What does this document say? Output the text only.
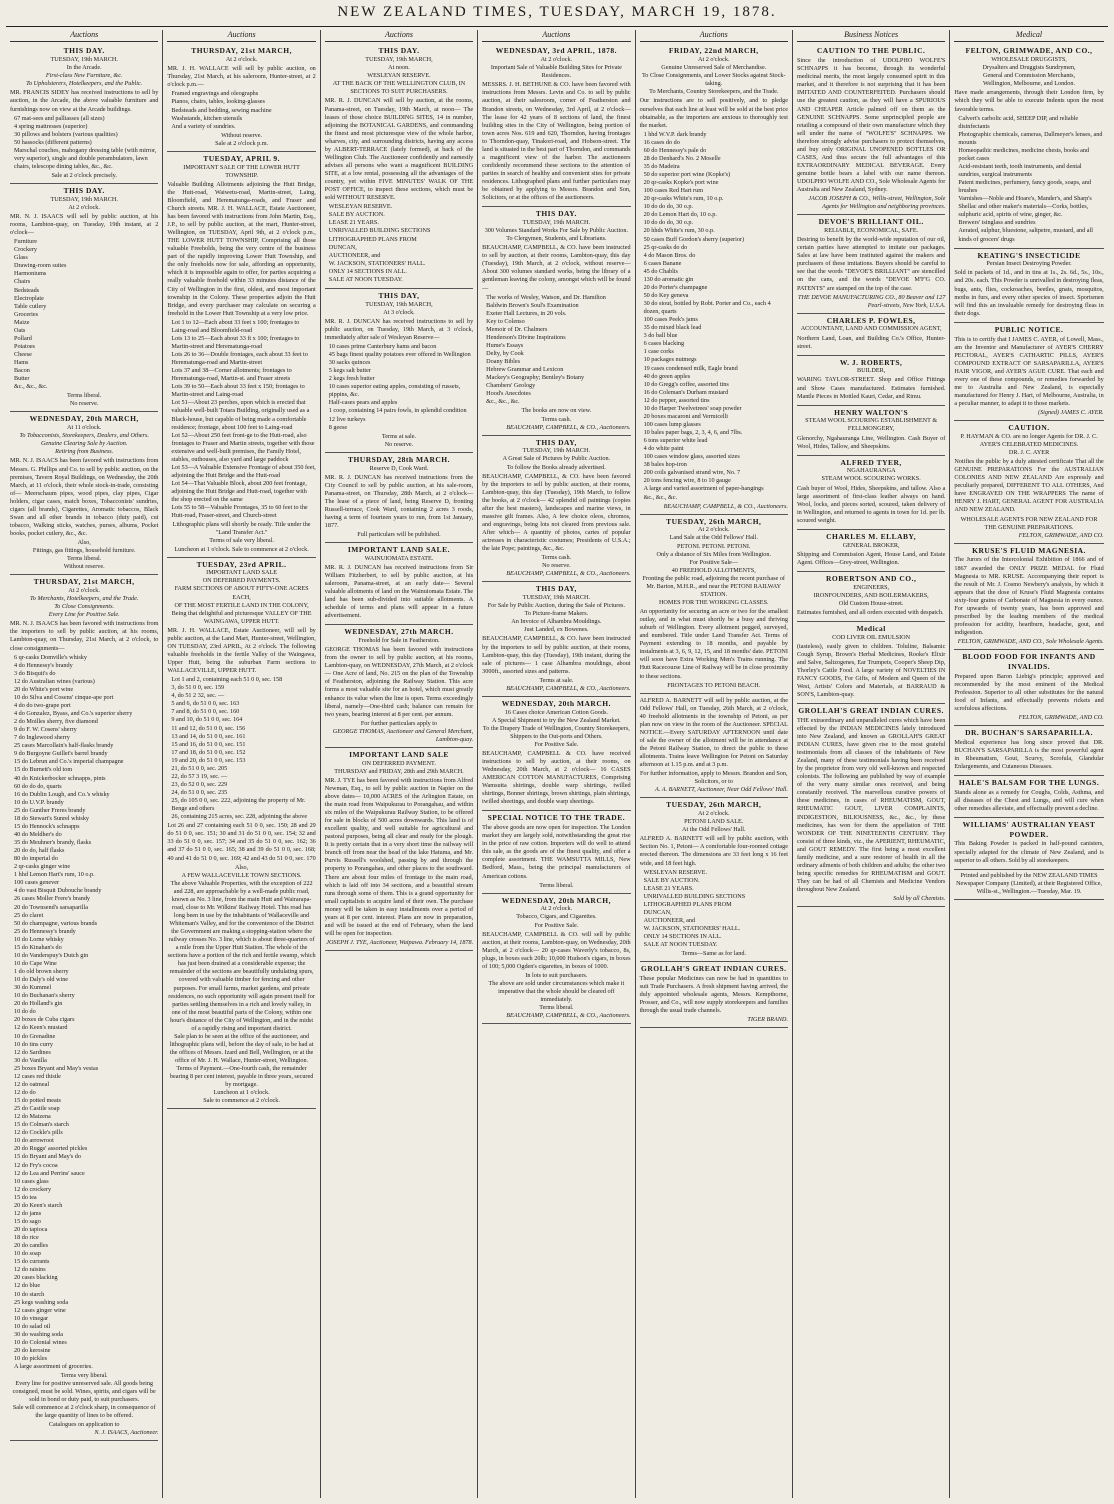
NEW ZEALAND TIMES, TUESDAY, MARCH 19, 1878.
Auctions
THIS DAY.
TUESDAY, 19th MARCH.
In the Arcade.
First-class New Furniture, &c.
To Upholsterers, Hotelkeepers, and the Public.

MR. FRANCIS SIDEY has received instructions to sell by auction, in the Arcade, the above valuable furniture and furnishings now on view at the Arcade buildings.

67 mat-sees and palliasses (all sizes)
4 spring mattresses (superior)
30 pillows and bolsters (various qualities)
50 hassocks (different patterns)
Marschal couches, mahogany dressing table (with mirror, very superior), single and double perambulators, lawn chairs, telescope dining tables, &c., &c.
Sale at 2 o'clock precisely.
THIS DAY.
TUESDAY, 19th MARCH.
At 2 o'clock.

MR. N. J. ISAACS will sell by public auction, at his rooms, Lambton-quay, on Tuesday, 19th instant, at 2 o'clock—

Furniture
Crockery
Glass
Drawing-room suites
Harmoniums
Chairs
Bedsteads
Electroplate
Table cutlery
Groceries
Maize
Oats
Pollard
Potatoes
Cheese
Hams
Bacon
Butter
&c., &c., &c.
Terms liberal.
No reserve.
WEDNESDAY, 20th MARCH,
At 11 o'clock.
To Tobacconists, Storekeepers, Dealers, and Others.
Genuine Clearing Sale by Auction.
Retiring from Business.

MR. N. J. ISAACS has been favored with instructions from Messrs. G. Phillips and Co. to sell by public auction, on the premises, Tavern Royal Buildings, on Wednesday, the 20th March, at 11 o'clock, their whole stock-in-trade, consisting of— Meerschaum pipes, wood pipes, clay pipes, Cigar holders, cigar cases, match boxes, Tobacconists' sundries, cigars (all brands), Cigarettes, Aromatic tobaccos, Black Swan and all other brands in tobacco (duty paid), cut tobacco, Walking sticks, watches, purses, albums, Pocket books, pocket cutlery, &c., &c.

Also,
Fittings, gas fittings, household furniture.
Terms liberal.
Without reserve.
THURSDAY, 21st MARCH,
At 2 o'clock.
To Merchants, Hotelkeepers, and the Trade.
To Close Consignments.
Every Line for Positive Sale.

MR. N. J. ISAACS has been favored with instructions from the importers to sell by public auction, at his rooms, Lambton-quay, on Thursday, 21st March, at 2 o'clock, to close consignments—

6 qr-casks Domville's whisky
4 do Hennessy's brandy
3 do Bisquit's do
12 do Australian wines (various)
20 do White's port wine
10 do Silva and Cosens' cinque-ape port
4 do do two-grape port
4 do Gonzalez, Byass, and Co.'s superior sherry
2 do Moilles sherry, five diamond
9 do F. W. Cosens' sherry
7 do Inglewood sherry
25 cases Marcollain's half-flasks brandy
9 do Burgoyne Guillet's barrel brandy
15 do Lebrun and Co.'s imperial champagne
15 do Burnett's old tom
40 do Knickerbocker schnapps, pints
60 do do do, quarts
16 do Dublin Lough, and Co.'s whisky
10 do U.V.P. brandy
25 do Gunther Freres brandy
18 do Stewart's Sunrel whisky
15 do Hennock's schnapps
40 do Meldher's do
35 do Meuhner's brandy, flasks
20 do do, half flasks
80 do imperial do
2 qr-casks ginger wine
1 hhd Lemon Hart's rum, 10 o.p.
100 cases genever
4 do vast Bisquit Dubouche brandy
26 cases Moller Frere's brandy
20 do Townsend's sarsaparilla
25 do claret
50 do champagne, various brands
25 do Hennessy's brandy
10 do Lorne whisky
15 do Kinahan's do
10 do Vanderspuy's Dutch gin
10 do Cape Wine
1 do old brown sherry
10 do Daly's old wine
30 do Kummel
10 do Buchanan's sherry
20 do Holland's gin
10 do do
20 boxes de Cuba cigars
12 do Keen's mustard
10 do Grenadine
10 do tins curry
12 do Sardines
30 do Vanilla
25 boxes Bryant and May's vestas
12 cases red thistle
12 do oatmeal
12 do do
15 do potted meats
25 do Castile soap
12 do Maizena
15 do Colman's starch
12 do Cockle's pills
10 do arrowroot
20 do Ruggs' assorted pickles
15 do Bryant and May's do
12 do Fry's cocoa
12 do Lea and Perrins' sauce
10 cases glass
12 do crockery
15 do tea
20 do Keen's starch
12 do jams
15 do sago
20 do tapioca
18 do rice
20 do candles
10 do soap
15 do currants
12 do raisins
20 cases blacking
12 do blue
10 do starch
25 kegs washing soda
12 cases ginger wine
10 do vinegar
10 do salad oil
30 do washing soda
10 do Colonial wines
20 do kerosine
10 do pickles
A large assortment of groceries.
Terms very liberal.
Every line for positive unreserved sale. All goods being consigned, must be sold. Wines, spirits, and cigars will be sold in bond or duty paid, to suit purchasers.
Sale will commence at 2 o'clock sharp, in consequence of the large quantity of lines to be offered.
Catalogues on application to
N. J. ISAACS, Auctioneer.
Auctions
THURSDAY, 21st MARCH,
At 2 o'clock.

MR. J. H. WALLACE will sell by public auction, on Thursday, 21st March, at his saleroom, Hunter-street, at 2 o'clock p.m.—

Framed engravings and oleographs
Pianos, chairs, tables, looking-glasses
Bedsteads and bedding, sewing machine
Washstands, kitchen utensils
And a variety of sundries.
Without reserve.
Sale at 2 o'clock p.m.
TUESDAY, APRIL 9.
IMPORTANT SALE OF THE LOWER HUTT TOWNSHIP.

Valuable Building Allotments adjoining the Hutt Bridge, the Hutt-road, Waiwetu-road, Martin-street, Laing, Bloomfield, and Herematunga-roads, and Fraser and Church streets. MR. J. H. WALLACE, Estate Auctioneer, has been favored with instructions from John Martin, Esq., J.P., to sell by public auction, at the mart, Hunter-street, Wellington, on TUESDAY, April 9th, at 2 o'clock p.m., THE LOWER HUTT TOWNSHIP, Comprising all those valuable Freeholds, being the very centre of the business part of the rapidly improving Lower Hutt Township, and the only freeholds now for sale, affording an opportunity, which it is impossible again to offer, for parties acquiring a really valuable freehold within 33 minutes distance of the City of Wellington in the first, oldest, and most important township in the Colony. These properties adjoin the Hutt Bridge, and every purchaser may calculate on securing a freehold in the Lower Hutt Township at a very low price.

Lot 1 to 12—Each about 33 feet x 100; frontages to Laing-road and Bloomfield-road
Lots 13 to 25—Each about 33 ft x 100; frontages to Martin-street and Herematunga-road
Lots 26 to 36—Double frontages, each about 33 feet to Herematunga-road and Martin-street
Lots 37 and 38—Corner allotments; frontages to Herematunga-road, Martin-st. and Fraser streets
Lots 39 to 50—Each about 33 feet x 150; frontages to Martin-street and Laing-road
Lot 51—About 23 perches, upon which is erected that valuable well-built Totara Building, originally used as a Black-house, but capable of being made a comfortable residence; frontage, about 100 feet to Laing-road
Lot 52—About 250 feet front-ge to the Hutt-road, also frontages to Fraser and Martin streets, together with those extensive and well-built premises, the Family Hotel, stables, outhouses, also yard and large paddock
Lot 53—A Valuable Extensive Frontage of about 350 feet, adjoining the Hutt Bridge and the Hutt-road
Lot 54—That Valuable Block, about 200 feet frontage, adjoining the Hutt Bridge and Hutt-road, together with the shop erected on the same
Lots 55 to 58—Valuable Frontages, 35 to 60 feet to the Hutt-road, Fraser-street, and Church-street
Lithographic plans will shortly be ready. Title under the "Land Transfer Act."
Terms of sale very liberal.
Luncheon at 1 o'clock. Sale to commence at 2 o'clock.
TUESDAY, 23rd APRIL.
IMPORTANT LAND SALE
ON DEFERRED PAYMENTS.
FARM SECTIONS OF ABOUT FIFTY-ONE ACRES EACH,
OF THE MOST FERTILE LAND IN THE COLONY,
Being that delightful and picturesque VALLEY OF THE WAINGAWA, UPPER HUTT.

MR. J. H. WALLACE, Estate Auctioneer, will sell by public auction, at the Land Mart, Hunter-street, Wellington, ON TUESDAY, 23rd APRIL, At 2 o'clock. The following valuable freeholds in the fertile Valley of the Waingawa, Upper Hutt, being the suburban Farm sections to WALLACEVILLE, UPPER HUTT.

Lot 1 and 2, containing each 51 0 0, sec. 158
3, do 51 0 0, sec. 159
4, do 51 2 32, sec. —
5 and 6, do 51 0 0, sec. 163
7 and 8, do 51 0 0, sec. 160
9 and 10, do 51 0 0, sec. 164
11 and 12, do 51 0 0, sec. 156
13 and 14, do 51 0 0, sec. 161
15 and 16, do 51 0 0, sec. 151
17 and 18, do 51 0 0, sec. 152
19 and 20, do 51 0 0, sec. 153
21, do 51 0 0, sec. 205
22, do 57 3 19, sec. —
23, do 52 0 0, sec. 229
24, do 51 0 0, sec. 235
25, do 105 0 0, sec. 222, adjoining the property of Mr. Benge and others
26, containing 215 acres, sec. 228, adjoining the above

Lot 26 and 27 containing each 51 0 0, sec. 150; 28 and 29 do 51 0 0, sec. 151; 30 and 31 do 51 0 0, sec. 154; 32 and 33 do 51 0 0, sec. 157; 34 and 35 do 51 0 0, sec. 162; 36 and 37 do 51 0 0, sec. 165; 38 and 39 do 51 0 0, sec. 168; 40 and 41 do 51 0 0, sec. 169; 42 and 43 do 51 0 0, sec. 170

Also,
A FEW WALLACEVILLE TOWN SECTIONS.
The above Valuable Properties, with the exception of 222 and 228, are approachable by a well-made public road, known as No. 3 line, from the main Hutt and Wairarapa-road, close to Mr. Wilkins' Railway Hotel. This road has long been in use by the inhabitants of Wallaceville and Whiteman's Valley, and for the convenience of the District the Government are making a stopping-station where the railway crosses No. 3 line, which is about three-quarters of a mile from the Upper Hutt Station. The whole of the sections have a portion of the rich and fertile swamp, which has just been drained at a considerable expense; the remainder of the sections are beautifully undulating spurs, covered with valuable timber for fencing and other purposes. For small farms, market gardens, and private residences, no such opportunity will again present itself for parties settling themselves in a rich and lovely valley, in one of the most beautiful parts of the Colony, within one hour's distance of the City of Wellington, and in the midst of a rapidly rising and important district.
Sale plan to be seen at the office of the auctioneer, and lithographic plans will, before the day of sale, to be had at the offices of Messrs. Izard and Bell, Wellington, or at the office of Mr. J. H. Wallace, Hunter-street, Wellington.
Terms of Payment.—One-fourth cash, the remainder bearing 8 per cent interest, payable in three years, secured by mortgage.
Luncheon at 1 o'clock.
Sale to commence at 2 o'clock.
Auctions
THIS DAY.
TUESDAY, 19th MARCH,
At noon.
WESLEYAN RESERVE.
AT THE BACK OF THE WELLINGTON CLUB, IN SECTIONS TO SUIT PURCHASERS.

MR. R. J. DUNCAN will sell by auction, at the rooms, Panama-street, on Tuesday, 19th March, at noon— The leases of those choice BUILDING SITES, 14 in number, adjoining the BOTANICAL GARDENS, and commanding the finest and most picturesque view of the whole harbor, wharves, city, and surrounding districts, having any access by ALBERT-TERRACE (lately formed), at back of the Wellington Club. The Auctioneer confidently and earnestly advises all persons who want a magnificent BUILDING SITE, at a low rental, possessing all the advantages of the country, yet within FIVE MINUTES' WALK OF THE POST OFFICE, to inspect these sections, which must be sold WITHOUT RESERVE.

WESLEYAN RESERVE.
SALE BY AUCTION.
LEASE 21 YEARS.
UNRIVALLED BUILDING SECTIONS
LITHOGRAPHED PLANS FROM
DUNCAN,
AUCTIONEER, and
W. JACKSON, STATIONERS' HALL.
ONLY 14 SECTIONS IN ALL.
SALE AT NOON TUESDAY.
THIS DAY,
TUESDAY, 19th MARCH,
At 3 o'clock.

MR. R. J. DUNCAN has received instructions to sell by public auction, on Tuesday, 19th March, at 3 o'clock, immediately after sale of Wesleyan Reserve—

10 cases prime Canterbury hams and bacon
45 bags finest quality potatoes ever offered in Wellington
30 sacks quinces
5 kegs salt butter
2 kegs fresh butter
10 cases superior eating apples, consisting of russets, pippins, &c.
Half-cases pears and apples
1 coop, containing 14 pairs fowls, in splendid condition
12 live turkeys
8 geese
Terms at sale.
No reserve.
THURSDAY, 28th MARCH.
Reserve D, Cook Ward.

MR. R. J. DUNCAN has received instructions from the City Council to sell by public auction, at his sale-room, Panama-street, on Thursday, 28th March, at 2 o'clock— The lease of a piece of land, being Reserve D, fronting Russell-terrace, Cook Ward, containing 2 acres 3 roods, having a term of fourteen years to run, from 1st January, 1877.

Full particulars will be published.
IMPORTANT LAND SALE.
WAINUIOMATA ESTATE.

MR. R. J. DUNCAN has received instructions from Sir William Fitzherbert, to sell by public auction, at his saleroom, Panama-street, at an early date— Several valuable allotments of land on the Wainuiomata Estate. The land has been sub-divided into suitable allotments. A schedule of terms and plans will appear in a future advertisement.

WEDNESDAY, 27th MARCH.
Freehold for Sale in Featherston.

GEORGE THOMAS has been favored with instructions from the owner to sell by public auction, at his rooms, Lambton-quay, on WEDNESDAY, 27th March, at 2 o'clock— One Acre of land, No. 215 on the plan of the Township of Featherston, adjoining the Railway Station. This acre forms a most valuable site for an hotel, which must greatly enhance its value when the line is open. Terms exceedingly liberal, namely—One-third cash; balance can remain for two years, bearing interest at 8 per cent. per annum.

For further particulars apply to
GEORGE THOMAS, Auctioneer and General Merchant, Lambton-quay.
IMPORTANT LAND SALE
ON DEFERRED PAYMENT.
THURSDAY and FRIDAY, 28th and 29th MARCH.

MR. J. TYE has been favored with instructions from Alfred Newman, Esq., to sell by public auction in Napier on the above dates— 10,000 ACRES of the Arlington Estate, on the main road from Waipukurau to Porangahau, and within six miles of the Waipukurau Railway Station, to be offered for sale in blocks of 500 acres downwards. This land is of excellent quality, and well suitable for agricultural and pastoral purposes, being all clear and ready for the plough. It is pretty certain that in a very short time the railway will branch off from near the head of the lake Hatuma, and Mr. Purvis Russell's woolshed, passing by and through the property to Porangahau, and other places to the southward. There are about four miles of frontage to the main road, which is laid off into 34 sections, and a beautiful stream runs through some of them. This is a grand opportunity for small capitalists to acquire land of their own. The purchase money will be taken in easy installments over a period of years at 8 per cent. interest. Plans are now in preparation, and will be issued at the end of February, when the land will be open for inspection.

JOSEPH J. TYE, Auctioneer, Waipawa. February 14, 1878.
Auctions
WEDNESDAY, 3rd APRIL, 1878.
At 2 o'clock.
Important Sale of Valuable Building Sites for Private Residences.

MESSRS. J. H. BETHUNE & CO. have been favored with instructions from Messrs. Levin and Co. to sell by public auction, at their salesroom, corner of Featherston and Brandon streets, on Wednesday, 3rd April, at 2 o'clock— The lease for 42 years of 8 sections of land, the finest building sites in the City of Wellington, being portion of town acres Nos. 619 and 620, Thorndon, having frontages to Thorndon-quay, Tinakori-road, and Hobson-street. The land is situated in the best part of Thorndon, and commands a magnificent view of the harbor. The auctioneers confidently recommend these sections to the attention of parties in search of healthy and convenient sites for private residences. Lithographed plans and further particulars may be obtained by applying to Messrs. Brandon and Son, Solicitors, or at the offices of the auctioneers.

THIS DAY.
TUESDAY, 19th MARCH.
300 Volumes Standard Works For Sale by Public Auction.
To Clergymen, Students, and Librarians.

BEAUCHAMP, CAMPBELL, & CO. have been instructed to sell by auction, at their rooms, Lambton-quay, this day (Tuesday), 19th March, at 2 o'clock, without reserve— About 300 volumes standard works, being the library of a gentleman leaving the colony, amongst which will be found—

The works of Wesley, Watson, and Dr. Hamilton
Baldwin Brown's Soul's Examination
Exeter Hall Lectures, in 20 vols.
Key to Colenso
Memoir of Dr. Chalmers
Henderson's Divine Inspirations
Hume's Essays
Delty, by Cook
Doany Bibles
Hebrew Grammar and Lexicon
Mackey's Geography; Bentley's Botany
Chambers' Geology
Hood's Anecdotes
&c., &c., &c.
The books are now on view.
Terms cash.
BEAUCHAMP, CAMPBELL, & CO., Auctioneers.
THIS DAY,
TUESDAY, 19th MARCH.
A Great Sale of Pictures by Public Auction.
To follow the Books already advertised.

BEAUCHAMP, CAMPBELL, & CO. have been favored by the importers to sell by public auction, at their rooms, Lambton-quay, this day (Tuesday), 19th March, to follow the books, at 2 o'clock— 42 splendid oil paintings (copies after the best masters), landscapes and marine views, in massive gilt frames. Also, A few choice oleos, chromos, and engravings, being lots not cleared from previous sale. After which— A quantity of photos, cartes of popular actresses in characteristic costumes; Presidents of U.S.A.; the late Pope; paintings, &c., &c.

Terms cash.
No reserve.
BEAUCHAMP, CAMPBELL, & CO., Auctioneers.
THIS DAY,
TUESDAY, 19th MARCH.
For Sale by Public Auction, during the Sale of Pictures.
To Picture-frame Makers.
An Invoice of Alhambra Mouldings.
Just Landed, ex Bowenes.

BEAUCHAMP, CAMPBELL, & CO. have been instructed by the importers to sell by public auction, at their rooms, Lambton-quay, this day (Tuesday), 19th instant, during the sale of pictures— 1 case Alhambra mouldings, about 3000ft., assorted sizes and patterns.

Terms at sale.
BEAUCHAMP, CAMPBELL, & CO., Auctioneers.
WEDNESDAY, 20th MARCH.
16 Cases choice American Cotton Goods.
A Special Shipment to try the New Zealand Market.
To the Drapery Trade of Wellington, Country Storekeepers, Shippers to the Out-ports and Others.
For Positive Sale.

BEAUCHAMP, CAMPBELL & CO. have received instructions to sell by auction, at their rooms, on Wednesday, 20th March, at 2 o'clock— 16 CASES AMERICAN COTTON MANUFACTURES, Comprising Wamsutta shirtings, double warp shirtings, twilled shirtings, Bonner shirtings, brown shirtings, plain shirtings, twilled sheetings, and double warp sheetings.

SPECIAL NOTICE TO THE TRADE.

The above goods are now open for inspection. The London market they are largely sold, notwithstanding the great rise in the price of raw cotton. Importers will do well to attend this sale, as the goods are of the finest quality, and offer a complete assortment. THE WAMSUTTA MILLS, New Bedford, Mass., being the principal manufacturers of American cottons.

Terms liberal.
WEDNESDAY, 20th MARCH,
At 2 o'clock.
Tobacco, Cigars, and Cigarettes.
For Positive Sale.

BEAUCHAMP, CAMPBELL & CO. will sell by public auction, at their rooms, Lambton-quay, on Wednesday, 20th March, at 2 o'clock— 20 qr-cases Waverly's tobacco, 8s, plugs, in boxes each 20lb; 10,000 Hudson's cigars, in boxes of 100; 5,000 Ogden's cigarettes, in boxes of 1000.

In lots to suit purchasers.
The above are sold under circumstances which make it imperative that the whole should be cleared off immediately.
Terms liberal.
BEAUCHAMP, CAMPBELL, & CO., Auctioneers.
Auctions
FRIDAY, 22nd MARCH,
At 2 o'clock.
Genuine Unreserved Sale of Merchandise.
To Close Consignments, and Lower Stocks against Stock-taking.
To Merchants, Country Storekeepers, and the Trade.

Our instructions are to sell positively, and to pledge ourselves that each line at least will be sold at the best price obtainable, as the importers are anxious to thoroughly test the market.

1 hhd W.V.P. dark brandy
16 cases do do
60 do Hennessy's pale do
28 do Denhard's No. 2 Moselle
35 do Madeira
50 do superior port wine (Kopke's)
20 qr-casks Kopke's port wine
100 cases Red Hart rum
20 qr-casks White's rum, 10 o.p.
10 do do do, 30 o.p.
20 do Lemon Hart do, 10 o.p.
10 do do do, 30 o.p.
20 hhds White's rum, 30 o.p.
50 cases Buff Gordon's sherry (superior)
25 qr-casks do do
4 do Mason Bros. do
6 cases Banane
45 do Chablis
130 do aromatic gin
20 do Porter's champagne
50 do Key geneva
30 do stout, bottled by Robt. Porter and Co., each 4 dozen, quarts
100 cases Peek's jams
35 do mixed black lead
3 do ball blue
6 cases blacking
1 case corks
10 packages nutmegs
19 cases condensed milk, Eagle brand
40 do green apples
10 do Gregg's coffee, assorted tins
16 do Coleman's Durham mustard
12 do pepper, assorted tins
10 do Harper Twelvetrees' soap powder
20 boxes macaroni and Vermicelli
100 cases lump glasses
10 bales paper bags, 2, 3, 4, 6, and 7lbs.
6 tons superior white lead
4 do white paint
100 cases window glass, assorted sizes
38 bales hop-iron
200 coils galvanised strand wire, No. 7
20 tons fencing wire, 8 to 10 gauge
A large and varied assortment of paper-hangings
&c., &c., &c.
BEAUCHAMP, CAMPBELL, & CO., Auctioneers.
TUESDAY, 26th MARCH,
At 2 o'clock.
Land Sale at the Odd Fellows' Hall.
PETONI. PETONI. PETONI.
Only a distance of Six Miles from Wellington.
For Positive Sale—
40 FREEHOLD ALLOTMENTS,
Fronting the public road, adjoining the recent purchase of Mr. Barton, M.H.R., and near the PETONI RAILWAY STATION.
HOMES FOR THE WORKING CLASSES.

An opportunity for securing an acre or two for the smallest outlay, and in what must shortly be a busy and thriving suburb of Wellington. Every allotment pegged, surveyed, and numbered. Title under Land Transfer Act. Terms of Payment extending to 18 months, and payable by instalments at 3, 6, 9, 12, 15, and 18 months' date. PETONI will soon have Extra Working Men's Trains running. The Hutt Racecourse Line of Railway will be in close proximity to these sections.

FRONTAGES TO PETONI BEACH.

ALFRED A. BARNETT will sell by public auction, at the Odd Fellows' Hall, on Tuesday, 26th March, at 2 o'clock, 40 freehold allotments in the township of Petoni, as per plan now on view in the room of the Auctioneer. SPECIAL NOTICE.—Every SATURDAY AFTERNOON until date of sale the owner of the allotment will be in attendance at the Petoni Railway Station, to direct the public to these allotments. Trains leave Wellington for Petoni on Saturday afternoon at 1.15 p.m. and at 3 p.m.

For further information, apply to Messrs. Brandon and Son, Solicitors, or to
A. A. BARNETT, Auctioneer, Near Odd Fellows' Hall.
TUESDAY, 26th MARCH,
At 2 o'clock.
PETONI LAND SALE.
At the Odd Fellows' Hall.

ALFRED A. BARNETT will sell by public auction, with Section No. 1, Petoni— A comfortable four-roomed cottage erected thereon. The dimensions are 33 feet long x 16 feet wide, and 18 feet high.

WESLEYAN RESERVE.
SALE BY AUCTION.
LEASE 21 YEARS.
UNRIVALLED BUILDING SECTIONS
LITHOGRAPHED PLANS FROM
DUNCAN,
AUCTIONEER, and
W. JACKSON, STATIONERS' HALL.
ONLY 14 SECTIONS IN ALL.
SALE AT NOON TUESDAY.
Terms—Same as for land.
GROLLAH'S GREAT INDIAN CURES.

These popular Medicines can now be had in quantities to suit Trade Purchasers. A fresh shipment having arrived, the duly appointed wholesale agents, Messrs. Kempthorne, Prosser, and Co., will now supply storekeepers and families through the usual trade channels.

TIGER BRAND.
Business Notices
CAUTION TO THE PUBLIC.

Since the introduction of UDOLPHO WOLFE'S SCHNAPPS it has become, through its wonderful medicinal merits, the most largely consumed spirit in this market, and it therefore is not surprising that it has been IMITATED AND COUNTERFEITED. Purchasers should use the greatest caution, as they will have a SPURIOUS AND CHEAPER Article palmed off on them as the GENUINE SCHNAPPS. Some unprincipled people are retailing a compound of their own manufacture which they sell under the name of "WOLFE'S" SCHNAPPS. We therefore strongly advise purchasers to protect themselves, and buy only ORIGINAL UNOPENED BOTTLES OR CASES, And thus secure the full advantages of this EXTRAORDINARY MEDICAL BEVERAGE. Every genuine bottle bears a label with our name thereon. UDOLPHO WOLFE AND CO., Sole Wholesale Agents for Australia and New Zealand, Sydney.

JACOB JOSEPH & CO., Willis-street, Wellington, Sole Agents for Wellington and neighboring provinces.
DEVOE'S BRILLIANT OIL.
RELIABLE, ECONOMICAL, SAFE.

Desiring to benefit by the world-wide reputation of our oil, certain parties have attempted to imitate our packages. Sales at law have been instituted against the makers and purchasers of these imitations. Buyers should be careful to see that the words "DEVOE'S BRILLIANT" are stencilled on the cans, and the words "DEVOE M'F'G CO. PATENTS" are stamped on the top of the case.

THE DEVOE MANUFACTURING CO., 80 Beaver and 127 Pearl-streets, New York, U.S.A.
CHARLES P. FOWLES,
ACCOUNTANT, LAND AND COMMISSION AGENT,

Northern Land, Loan, and Building Co.'s Office, Hunter-street.

W. J. ROBERTS,
BUILDER,

WARING TAYLOR-STREET. Shop and Office Fittings and Show Cases manufactured. Estimates furnished. Mantle Pieces in Mottled Kauri, Cedar, and Rimu.

HENRY WALTON'S
STEAM WOOL SCOURING ESTABLISHMENT & FELLMONGERY,

Glenorchy, Ngahauranga Line, Wellington. Cash Buyer of Wool, Hides, Tallow, and Sheepskins.

ALFRED TYER,
NGAHAURANGA
STEAM WOOL SCOURING WORKS.

Cash buyer of Wool, Hides, Sheepskins, and tallow. Also a large assortment of first-class leather always on hand. Wool, locks, and pieces sorted, scoured, taken delivery of in Wellington, and returned to agents in town for 1d. per lb. scoured weight.

CHARLES M. ELLABY,
GENERAL BROKER,

Shipping and Commission Agent, House Land, and Estate Agent. Offices—Grey-street, Wellington.

ROBERTSON AND CO.,
ENGINEERS,
IRONFOUNDERS, AND BOILERMAKERS,
Old Custom House-street.

Estimates furnished, and all orders executed with despatch.

Medical
COD LIVER OIL EMULSION

(tasteless), easily given to children. Toluline, Balsamic Cough Syrup, Brown's Herbal Medicines, Rooke's Elixir and Salve, Saltzogenes, Ear Trumpets, Cooper's Sheep Dip, Thorley's Cattle Food. A large variety of NOVELTIES IN FANCY GOODS, For Gifts, of Modern and Queen of the West, Artists' Colors and Materials, at BARRAUD & SON'S, Lambton-quay.

GROLLAH'S GREAT INDIAN CURES.

THE extraordinary and unparalleled cures which have been effected by the INDIAN MEDICINES lately introduced into New Zealand, and known as GROLLAH'S GREAT INDIAN CURES, have given rise to the most grateful testimonials from all classes of the inhabitants of New Zealand, many of these testimonials having been received by the proprietor from very old well-known and respected colonists. The following are published by way of example of the very many similar ones received, and being constantly received. The marvellous curative powers of these medicines, in cases of RHEUMATISM, GOUT, RHEUMATIC GOUT, LIVER COMPLAINTS, INDIGESTION, BILIOUSNESS, &c., &c., by these medicines, has won for them the appellation of THE WONDER OF THE NINETEENTH CENTURY. They consist of three kinds, viz., the APERIENT, RHEUMATIC, and GOUT REMEDY. The first being a most excellent family medicine, and a sure restorer of health in all the ordinary ailments of both children and adults; the other two being specific remedies for RHEUMATISM and GOUT. They can be had of all Chemists and Medicine Vendors throughout New Zealand.

Sold by all Chemists.
Medical
FELTON, GRIMWADE, AND CO.,
WHOLESALE DRUGGISTS,
Drysalters and Druggists Sundrymen,
General and Commission Merchants,
Wellington, Melbourne, and London.

Have made arrangements, through their London firm, by which they will be able to execute Indents upon the most favorable terms.

Calvert's carbolic acid, SHEEP DIP, and reliable disinfectants
Photographic chemicals, cameras, Dallmeyer's lenses, and mounts
Homeopathic medicines, medicine chests, books and pocket cases
Acid-resistant teeth, tooth instruments, and dental sundries, surgical instruments
Patent medicines, perfumery, fancy goods, soaps, and brushes
Varnishes—Noble and Hoare's, Mander's, and Sharp's
Shellac and other maker's materials—Corks, bottles, sulphuric acid, spirits of wine, ginger, &c.
Brewers' isinglass and sundries
Aerated, sulphur, bluestone, saltpetre, mustard, and all kinds of grocers' drugs
KEATING'S INSECTICIDE
Persian Insect Destroying Powder.

Sold in packets of 1d., and in tins at 1s., 2s. 6d., 5s., 10s., and 20s. each. This Powder is unrivalled in destroying fleas, bugs, ants, flies, cockroaches, beetles, gnats, mosquitos, moths in furs, and every other species of insect. Sportsmen will find this an invaluable remedy for destroying fleas in their dogs.

PUBLIC NOTICE.

This is to certify that I JAMES C. AYER, of Lowell, Mass., am the Inventor and Manufacturer of AYER'S CHERRY PECTORAL, AYER'S CATHARTIC PILLS, AYER'S COMPOUND EXTRACT OF SARSAPARILLA, AYER'S HAIR VIGOR, and AYER'S AGUE CURE. That each and every one of these compounds, or remedies forwarded by me to Australia and New Zealand, is especially manufactured for Henry J. Hart, of Melbourne, Australia, in a peculiar manner, to adapt it to those markets.

(Signed) JAMES C. AYER.
CAUTION.
P. HAYMAN & CO. are no longer Agents for DR. J. C. AYER'S CELEBRATED MEDICINES.
DR. J. C. AYER

Notifies the public by a duly attested certificate That all the GENUINE PREPARATIONS For the AUSTRALIAN COLONIES AND NEW ZEALAND Are expressly and peculiarly prepared, DIFFERENT TO ALL OTHERS, And have ENGRAVED ON THE WRAPPERS The name of HENRY J. HART, GENERAL AGENT FOR AUSTRALIA AND NEW ZEALAND.

WHOLESALE AGENTS FOR NEW ZEALAND FOR THE GENUINE PREPARATIONS.
FELTON, GRIMWADE, AND CO.
KRUSE'S FLUID MAGNESIA.

The Jurors of the Intercolonial Exhibition of 1866 and of 1867 awarded the ONLY PRIZE MEDAL for Fluid Magnesia to MR. KRUSE. Accompanying their report is the result of Mr. J. Cosmo Newbery's analysis, by which it appears that the dose of Kruse's Fluid Magnesia contains sixty-four grains of Carbonate of Magnesia in every ounce. For upwards of twenty years, has been approved and prescribed by the leading members of the medical profession for acidity, heartburn, headache, gout, and indigestion.

FELTON, GRIMWADE, AND CO., Sole Wholesale Agents.
BLOOD FOOD FOR INFANTS AND INVALIDS.

Prepared upon Baron Liebig's principle; approved and recommended by the most eminent of the Medical Profession. Superior to all other substitutes for the natural food of Infants, and effectually prevents rickets and scrofulous affections.

FELTON, GRIMWADE, AND CO.
DR. BUCHAN'S SARSAPARILLA.

Medical experience has long since proved that DR. BUCHAN'S SARSAPARILLA is the most powerful agent in Rheumatism, Gout, Scurvy, Scrofula, Glandular Enlargements, and Cutaneous Diseases.

HALE'S BALSAM FOR THE LUNGS.

Stands alone as a remedy for Coughs, Colds, Asthma, and all diseases of the Chest and Lungs, and will cure when other remedies alleviate, and effectually prevent a decline.

WILLIAMS' AUSTRALIAN YEAST POWDER.

This Baking Powder is packed in half-pound canisters, specially adapted for the climate of New Zealand, and is superior to all others. Sold by all storekeepers.

Printed and published by the NEW ZEALAND TIMES Newspaper Company (Limited), at their Registered Office, Willis-st., Wellington.—Tuesday, Mar. 19.
